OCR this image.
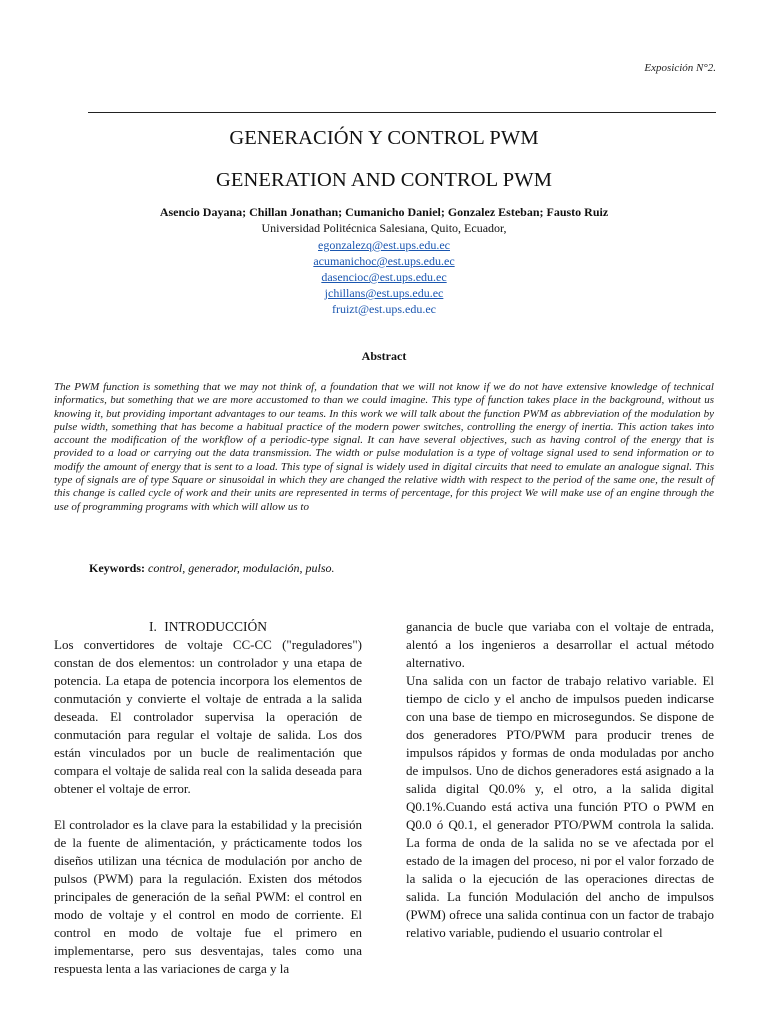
Exposición N°2.
GENERACIÓN Y CONTROL PWM
GENERATION AND CONTROL PWM
Asencio Dayana; Chillan Jonathan; Cumanicho Daniel; Gonzalez Esteban; Fausto Ruiz
Universidad Politécnica Salesiana, Quito, Ecuador,
egonzalezq@est.ups.edu.ec
acumanichoc@est.ups.edu.ec
dasencioc@est.ups.edu.ec
jchillans@est.ups.edu.ec
fruizt@est.ups.edu.ec
Abstract
The PWM function is something that we may not think of, a foundation that we will not know if we do not have extensive knowledge of technical informatics, but something that we are more accustomed to than we could imagine. This type of function takes place in the background, without us knowing it, but providing important advantages to our teams. In this work we will talk about the function PWM as abbreviation of the modulation by pulse width, something that has become a habitual practice of the modern power switches, controlling the energy of inertia. This action takes into account the modification of the workflow of a periodic-type signal. It can have several objectives, such as having control of the energy that is provided to a load or carrying out the data transmission. The width or pulse modulation is a type of voltage signal used to send information or to modify the amount of energy that is sent to a load. This type of signal is widely used in digital circuits that need to emulate an analogue signal. This type of signals are of type Square or sinusoidal in which they are changed the relative width with respect to the period of the same one, the result of this change is called cycle of work and their units are represented in terms of percentage, for this project We will make use of an engine through the use of programming programs with which will allow us to
Keywords: control, generador, modulación, pulso.
I. INTRODUCCIÓN

Los convertidores de voltaje CC-CC ("reguladores") constan de dos elementos: un controlador y una etapa de potencia. La etapa de potencia incorpora los elementos de conmutación y convierte el voltaje de entrada a la salida deseada. El controlador supervisa la operación de conmutación para regular el voltaje de salida. Los dos están vinculados por un bucle de realimentación que compara el voltaje de salida real con la salida deseada para obtener el voltaje de error.

El controlador es la clave para la estabilidad y la precisión de la fuente de alimentación, y prácticamente todos los diseños utilizan una técnica de modulación por ancho de pulsos (PWM) para la regulación. Existen dos métodos principales de generación de la señal PWM: el control en modo de voltaje y el control en modo de corriente. El control en modo de voltaje fue el primero en implementarse, pero sus desventajas, tales como una respuesta lenta a las variaciones de carga y la

ganancia de bucle que variaba con el voltaje de entrada, alentó a los ingenieros a desarrollar el actual método alternativo.

Una salida con un factor de trabajo relativo variable. El tiempo de ciclo y el ancho de impulsos pueden indicarse con una base de tiempo en microsegundos. Se dispone de dos generadores PTO/PWM para producir trenes de impulsos rápidos y formas de onda moduladas por ancho de impulsos. Uno de dichos generadores está asignado a la salida digital Q0.0% y, el otro, a la salida digital Q0.1%.Cuando está activa una función PTO o PWM en Q0.0 ó Q0.1, el generador PTO/PWM controla la salida. La forma de onda de la salida no se ve afectada por el estado de la imagen del proceso, ni por el valor forzado de la salida o la ejecución de las operaciones directas de salida. La función Modulación del ancho de impulsos (PWM) ofrece una salida continua con un factor de trabajo relativo variable, pudiendo el usuario controlar el
